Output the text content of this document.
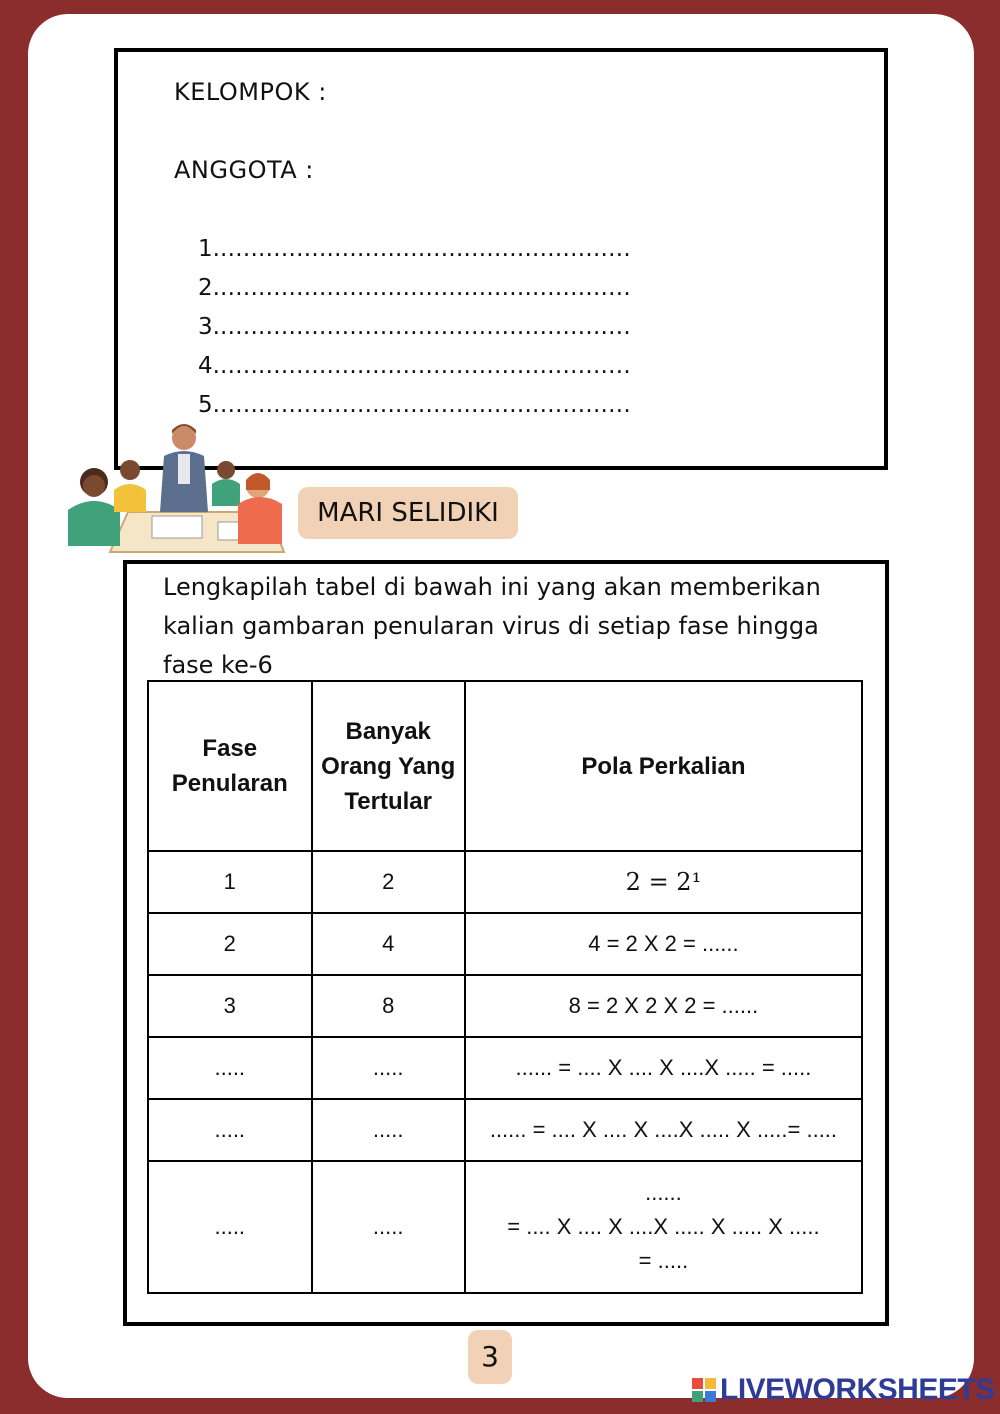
KELOMPOK :
ANGGOTA :
1.......................................................
2.......................................................
3.......................................................
4.......................................................
5.......................................................
MARI SELIDIKI
Lengkapilah tabel di bawah ini yang akan memberikan kalian gambaran penularan virus di setiap fase hingga fase ke-6
Fase Penularan	Banyak Orang Yang Tertular	Pola Perkalian
1	2	2 = 2¹
2	4	4 = 2 X 2 = ......
3	8	8 = 2 X 2 X 2 = ......
.....	.....	...... = .... X .... X ....X ..... = .....
.....	.....	...... = .... X .... X ....X ..... X .....= .....
.....	.....	......
= .... X .... X ....X ..... X ..... X .....
= .....
3
LIVEWORKSHEETS
